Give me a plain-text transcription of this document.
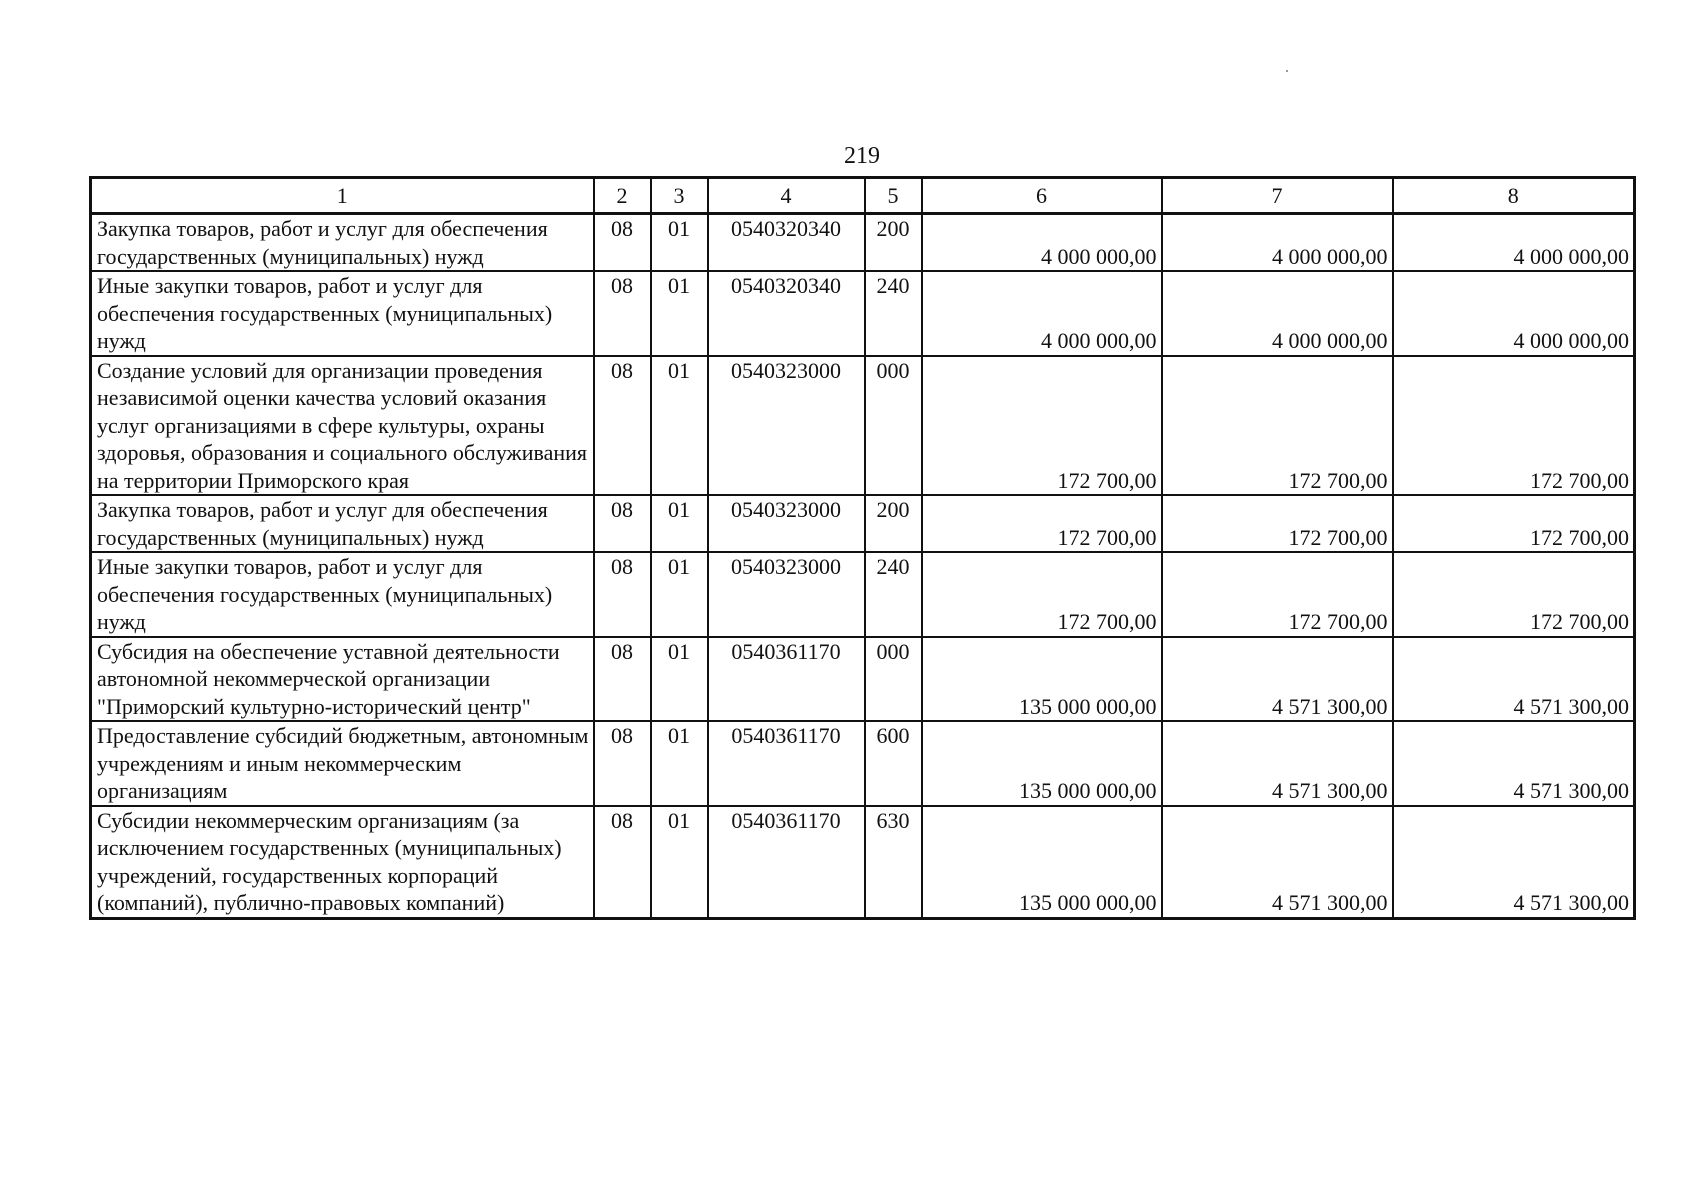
219
1	2	3	4	5	6	7	8
Закупка товаров, работ и услуг для обеспечения государственных (муниципальных) нужд	08	01	0540320340	200	4 000 000,00	4 000 000,00	4 000 000,00
Иные закупки товаров, работ и услуг для обеспечения государственных (муниципальных) нужд	08	01	0540320340	240	4 000 000,00	4 000 000,00	4 000 000,00
Создание условий для организации проведения независимой оценки качества условий оказания услуг организациями в сфере культуры, охраны здоровья, образования и социального обслуживания на территории Приморского края	08	01	0540323000	000	172 700,00	172 700,00	172 700,00
Закупка товаров, работ и услуг для обеспечения государственных (муниципальных) нужд	08	01	0540323000	200	172 700,00	172 700,00	172 700,00
Иные закупки товаров, работ и услуг для обеспечения государственных (муниципальных) нужд	08	01	0540323000	240	172 700,00	172 700,00	172 700,00
Субсидия на обеспечение уставной деятельности автономной некоммерческой организации "Приморский культурно-исторический центр"	08	01	0540361170	000	135 000 000,00	4 571 300,00	4 571 300,00
Предоставление субсидий бюджетным, автономным учреждениям и иным некоммерческим организациям	08	01	0540361170	600	135 000 000,00	4 571 300,00	4 571 300,00
Субсидии некоммерческим организациям (за исключением государственных (муниципальных) учреждений, государственных корпораций (компаний), публично-правовых компаний)	08	01	0540361170	630	135 000 000,00	4 571 300,00	4 571 300,00
